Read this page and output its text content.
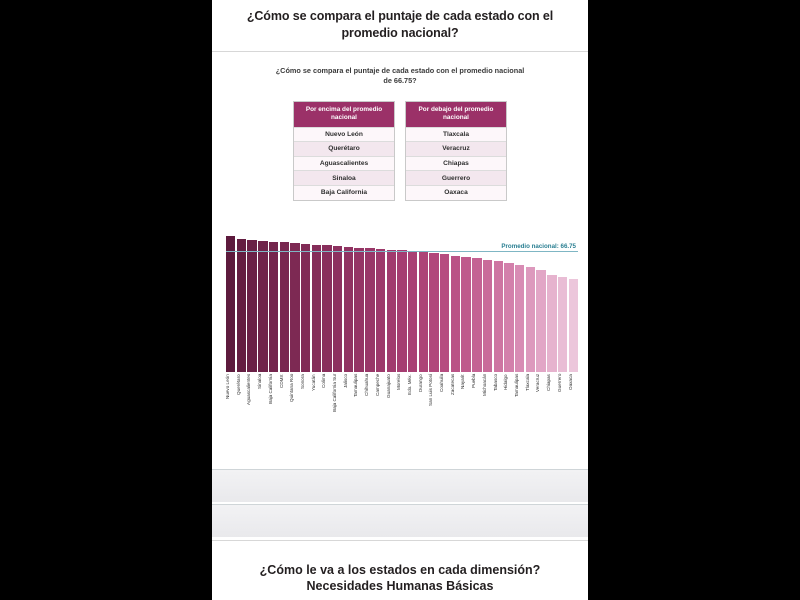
¿Cómo se compara el puntaje de cada estado con el promedio nacional?
¿Cómo se compara el puntaje de cada estado con el promedio nacional de 66.75?
Por encima del promedio nacional
Nuevo León
Querétaro
Aguascalientes
Sinaloa
Baja California
Por debajo del promedio nacional
Tlaxcala
Veracruz
Chiapas
Guerrero
Oaxaca
Promedio nacional: 66.75
Nuevo León	Querétaro	Aguascalientes	Sinaloa	Baja California	CDMX	Quintana Roo	Sonora	Yucatán	Colima	Baja California Sur	Jalisco	Tamaulipas	Chihuahua	Campeche	Guanajuato	Morelos	Edo. Méx.	Durango	San Luis Potosí	Coahuila	Zacatecas	Nayarit	Puebla	Michoacán	Tabasco	Hidalgo	Tamaulipas	Tlaxcala	Veracruz	Chiapas	Guerrero	Oaxaca
¿Cómo le va a los estados en cada dimensión?
Necesidades Humanas Básicas
